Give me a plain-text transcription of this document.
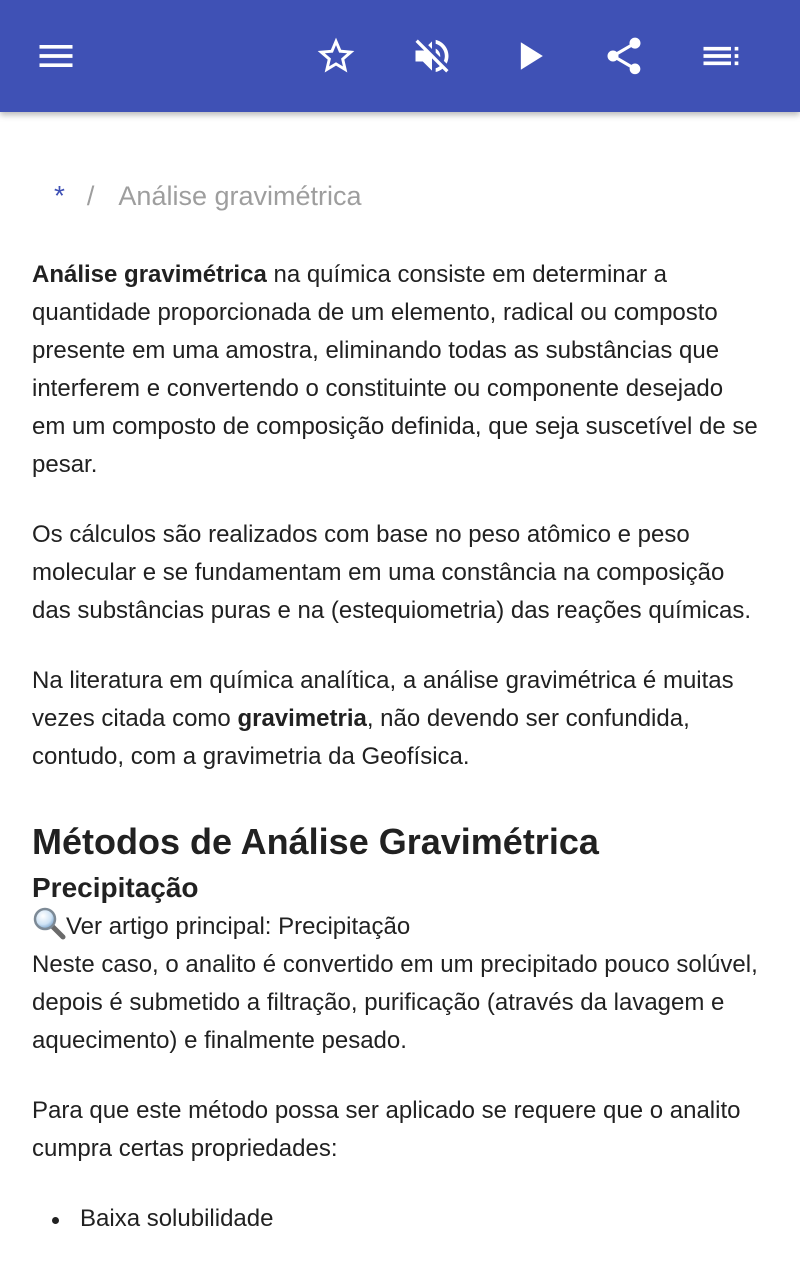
* / Análise gravimétrica

Análise gravimétrica na química consiste em determinar a quantidade proporcionada de um elemento, radical ou composto presente em uma amostra, eliminando todas as substâncias que interferem e convertendo o constituinte ou componente desejado em um composto de composição definida, que seja suscetível de se pesar.

Os cálculos são realizados com base no peso atômico e peso molecular e se fundamentam em uma constância na composição das substâncias puras e na (estequiometria) das reações químicas.

Na literatura em química analítica, a análise gravimétrica é muitas vezes citada como gravimetria, não devendo ser confundida, contudo, com a gravimetria da Geofísica.

Métodos de Análise Gravimétrica
Precipitação
Ver artigo principal: Precipitação

Neste caso, o analito é convertido em um precipitado pouco solúvel, depois é submetido a filtração, purificação (através da lavagem e aquecimento) e finalmente pesado.

Para que este método possa ser aplicado se requere que o analito cumpra certas propriedades:

Baixa solubilidade
